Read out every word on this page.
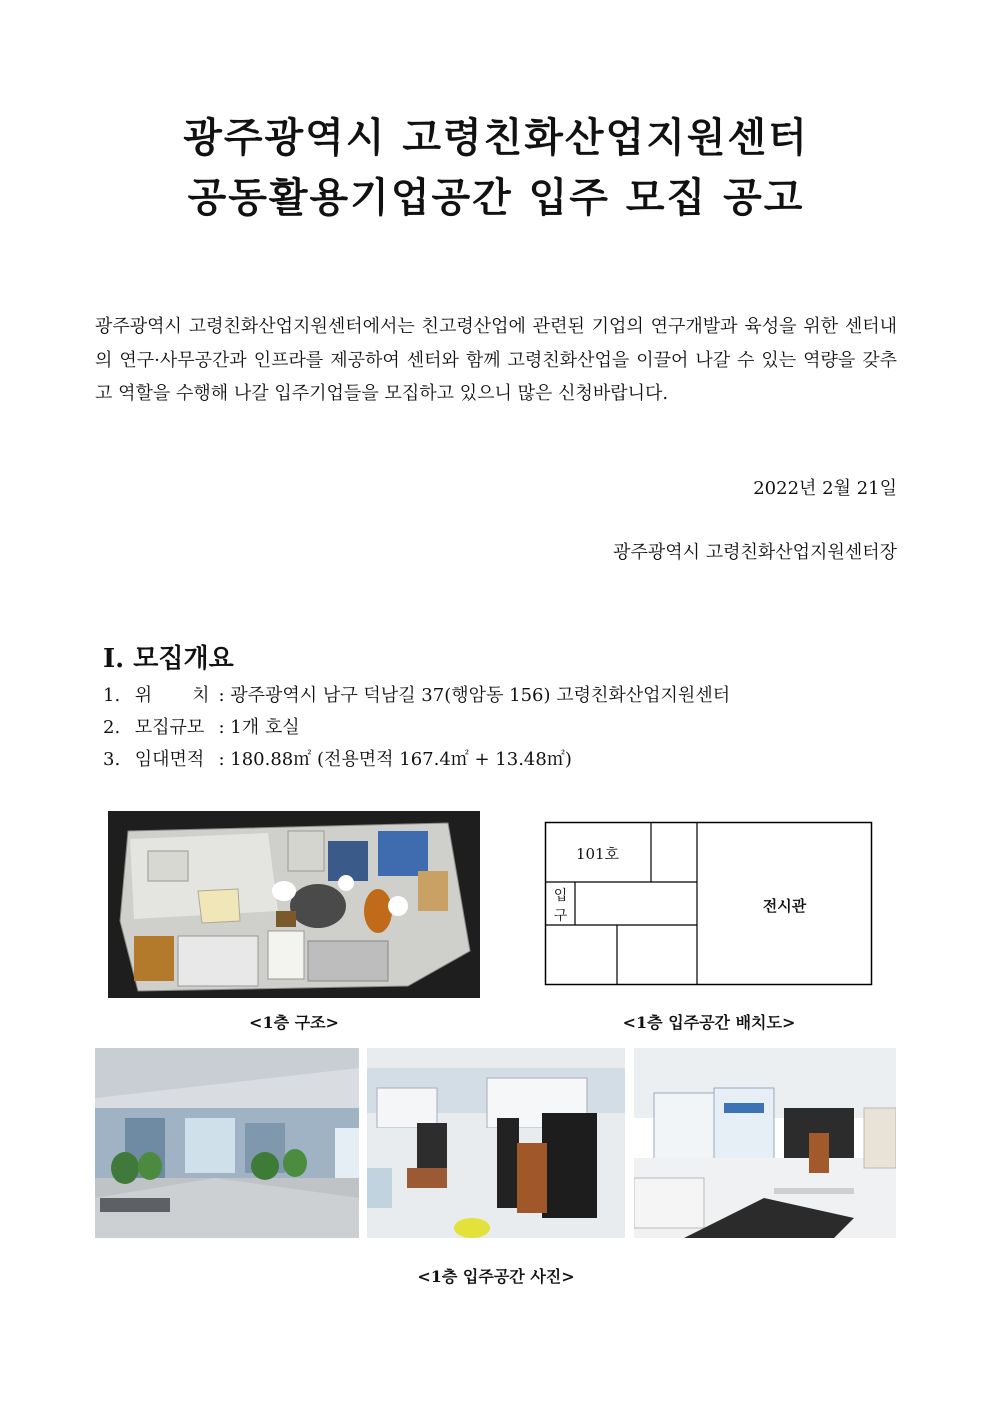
광주광역시 고령친화산업지원센터
공동활용기업공간 입주 모집 공고
광주광역시 고령친화산업지원센터에서는 친고령산업에 관련된 기업의 연구개발과 육성을 위한 센터내의 연구·사무공간과 인프라를 제공하여 센터와 함께 고령친화산업을 이끌어 나갈 수 있는 역량을 갖추고 역할을 수행해 나갈 입주기업들을 모집하고 있으니 많은 신청바랍니다.
2022년 2월 21일
광주광역시 고령친화산업지원센터장
Ⅰ. 모집개요
1. 위       치 : 광주광역시 남구 덕남길 37(행암동 156) 고령친화산업지원센터
2. 모집규모 : 1개 호실
3. 임대면적 : 180.88㎡ (전용면적 167.4㎡ + 13.48㎡)
101호
입
구
전시관
<1층 구조>	<1층 입주공간 배치도>
<1층 입주공간 사진>
